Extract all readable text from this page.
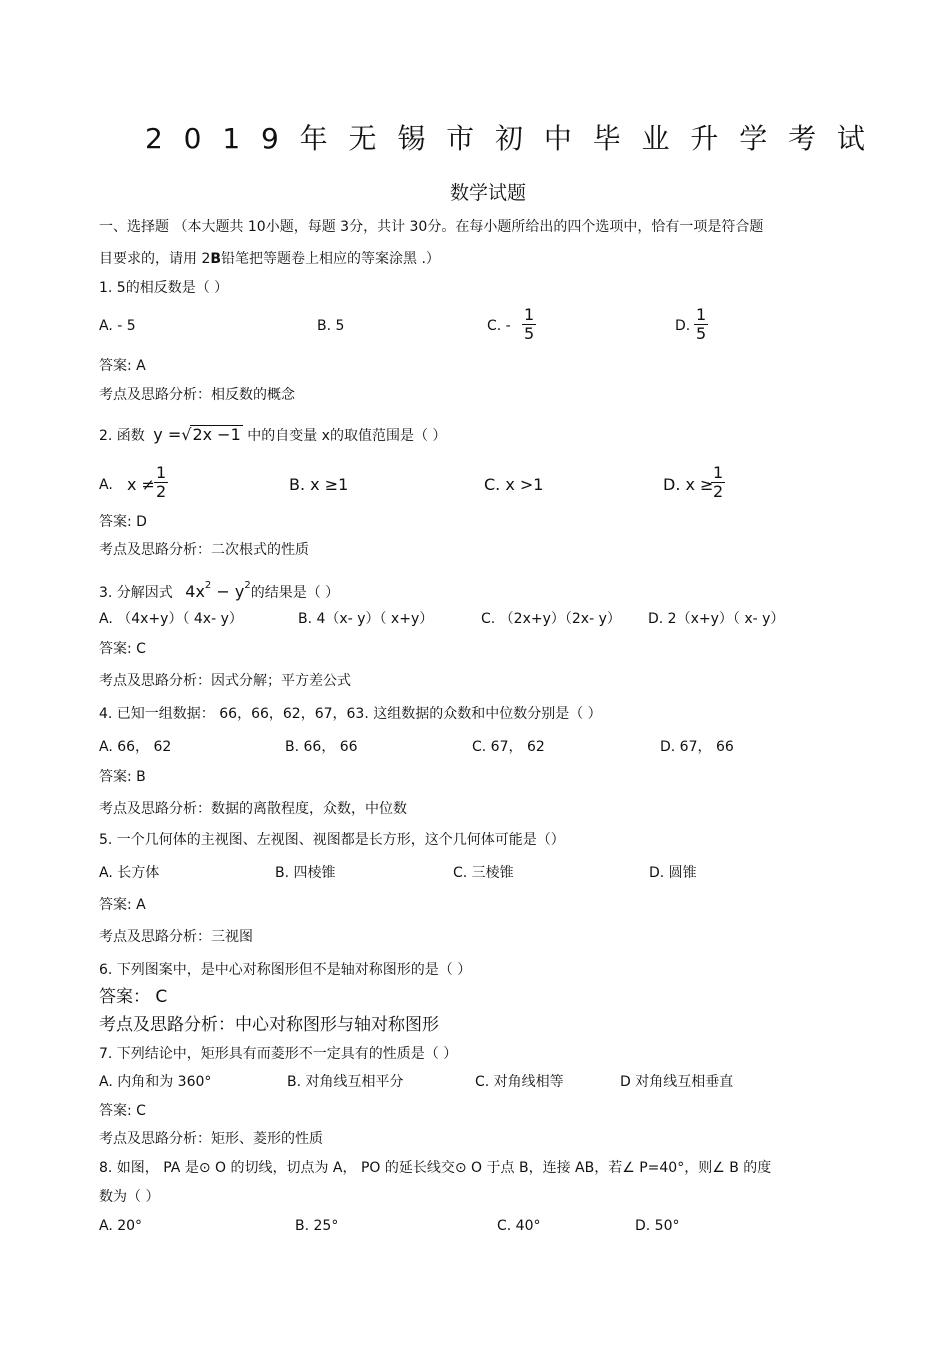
2 0 1 9 年 无 锡 市 初 中 毕 业 升 学 考 试
数学试题
一、选择题 （本大题共 10小题，每题 3分，共计 30分。在每小题所给出的四个选项中，恰有一项是符合题
目要求的，请用 2B铅笔把等题卷上相应的等案涂黑 .）
1. 5的相反数是（ ）
A. - 5	B. 5	C. - $\frac{1}{5}$	D. $\frac{1}{5}$
答案: A
考点及思路分析：相反数的概念
2. 函数 y =√2x −1 中的自变量 x的取值范围是（ ）
A. $x \ne \frac{1}{2}$	B. x ≥1	C. x >1	D. x ≥
$\frac{1}{2}$
答案: D
考点及思路分析：二次根式的性质
3. 分解因式 $4x^2 - y^2$的结果是（ ）
A. （4x+y）（ 4x- y）	B. 4（x- y）（ x+y）	C. （2x+y）（2x- y） D. 2（x+y）（ x- y）
答案: C
考点及思路分析：因式分解；平方差公式
4. 已知一组数据： 66，66，62，67，63. 这组数据的众数和中位数分别是（ ）
A. 66， 62	B. 66， 66	C. 67， 62	D. 67， 66
答案: B
考点及思路分析：数据的离散程度，众数，中位数
5. 一个几何体的主视图、左视图、视图都是长方形，这个几何体可能是（）
A. 长方体	B. 四棱锥	C. 三棱锥	D. 圆锥
答案: A
考点及思路分析：三视图
6. 下列图案中，是中心对称图形但不是轴对称图形的是（ ）
答案： C
考点及思路分析：中心对称图形与轴对称图形
7. 下列结论中，矩形具有而菱形不一定具有的性质是（ ）
A. 内角和为 360°	B. 对角线互相平分	C. 对角线相等	D 对角线互相垂直
答案: C
考点及思路分析：矩形、菱形的性质
8. 如图， PA 是⊙ O 的切线，切点为 A， PO 的延长线交⊙ O 于点 B，连接 AB，若∠ P=40°，则∠ B 的度
数为（ ）
A. 20°	B. 25°	C. 40°	D. 50°
